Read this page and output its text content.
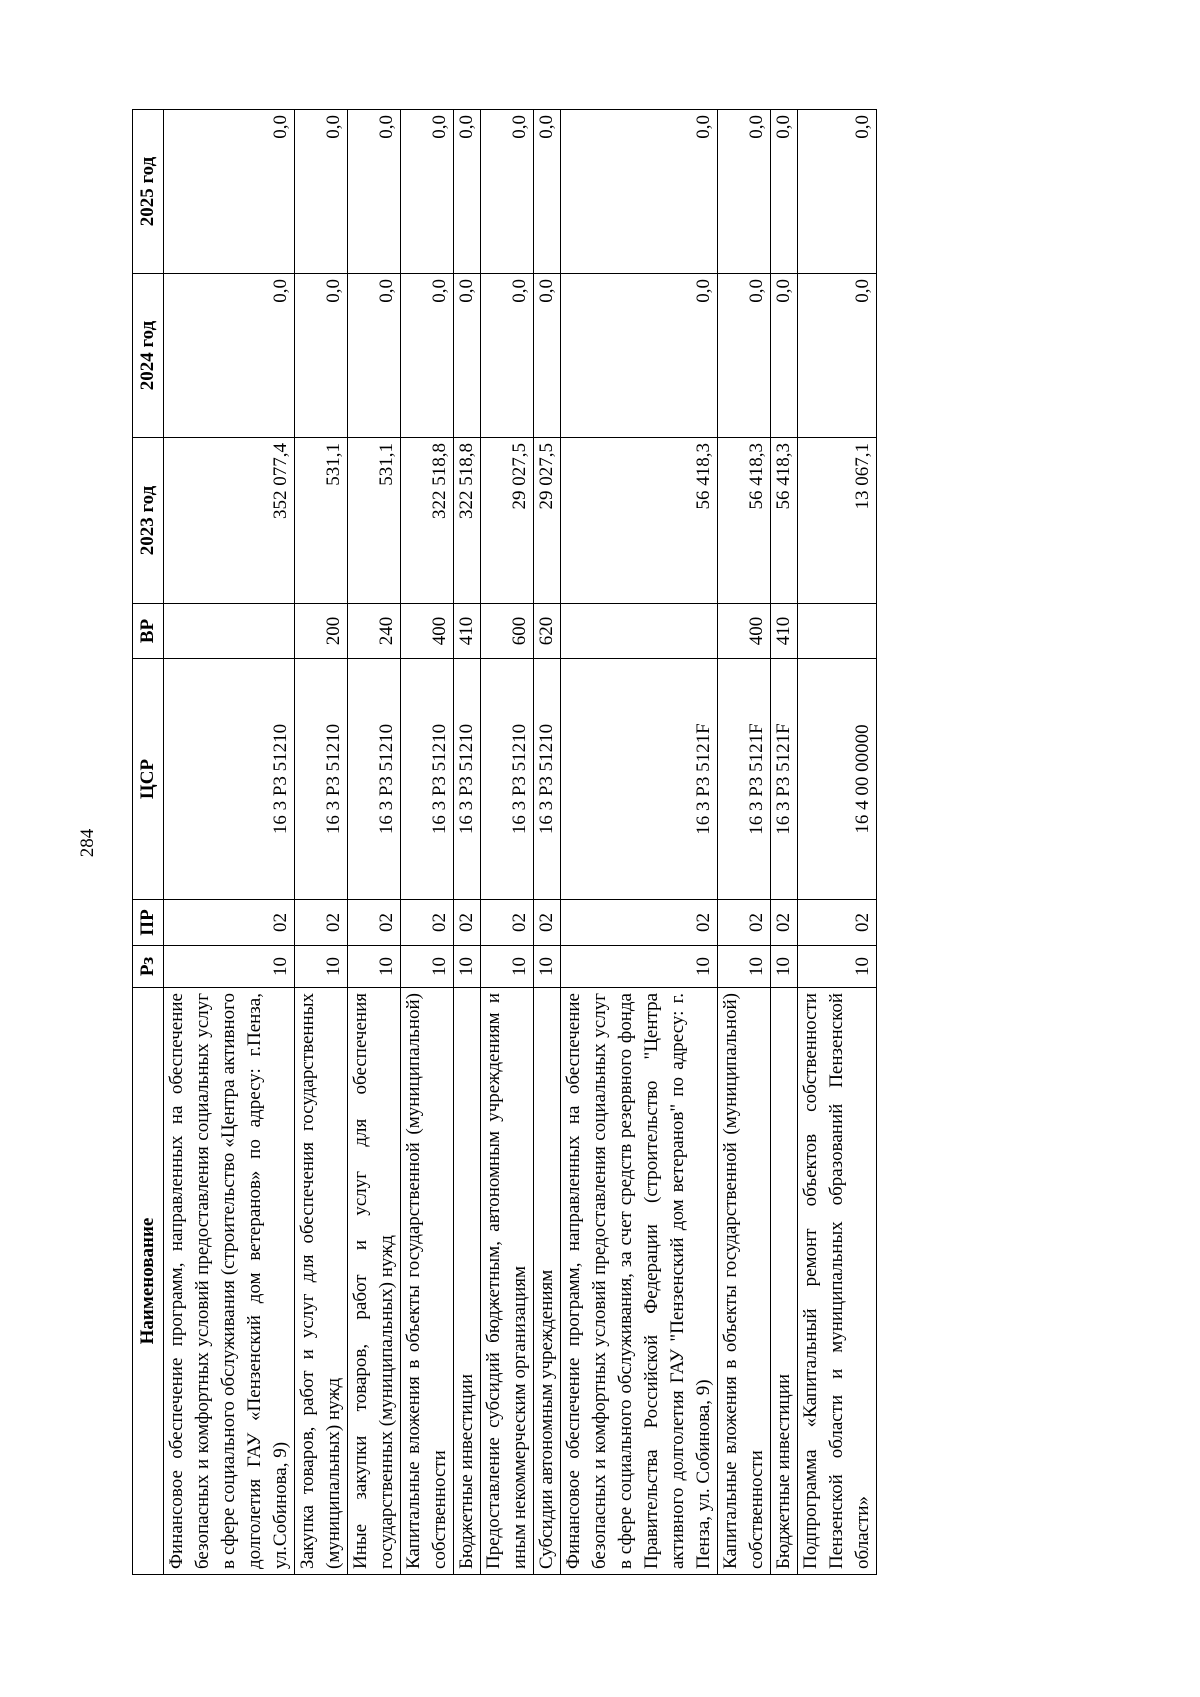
284
Наименование	Рз	ПР	ЦСР	ВР	2023 год	2024 год	2025 год
Финансовое обеспечение программ, направленных на обеспечение безопасных и комфортных условий предоставления социальных услуг в сфере социального обслуживания (строительство «Центра активного долголетия ГАУ «Пензенский дом ветеранов» по адресу: г.Пенза, ул.Собинова, 9)	10	02	16 3 Р3 51210		352 077,4	0,0	0,0
Закупка товаров, работ и услуг для обеспечения государственных (муниципальных) нужд	10	02	16 3 Р3 51210	200	531,1	0,0	0,0
Иные закупки товаров, работ и услуг для обеспечения государственных (муниципальных) нужд	10	02	16 3 Р3 51210	240	531,1	0,0	0,0
Капитальные вложения в объекты государственной (муниципальной) собственности	10	02	16 3 Р3 51210	400	322 518,8	0,0	0,0
Бюджетные инвестиции	10	02	16 3 Р3 51210	410	322 518,8	0,0	0,0
Предоставление субсидий бюджетным, автономным учреждениям и иным некоммерческим организациям	10	02	16 3 Р3 51210	600	29 027,5	0,0	0,0
Субсидии автономным учреждениям	10	02	16 3 Р3 51210	620	29 027,5	0,0	0,0
Финансовое обеспечение программ, направленных на обеспечение безопасных и комфортных условий предоставления социальных услуг в сфере социального обслуживания, за счет средств резервного фонда Правительства Российской Федерации (строительство "Центра активного долголетия ГАУ "Пензенский дом ветеранов" по адресу: г. Пенза, ул. Собинова, 9)	10	02	16 3 Р3 5121F		56 418,3	0,0	0,0
Капитальные вложения в объекты государственной (муниципальной) собственности	10	02	16 3 Р3 5121F	400	56 418,3	0,0	0,0
Бюджетные инвестиции	10	02	16 3 Р3 5121F	410	56 418,3	0,0	0,0
Подпрограмма «Капитальный ремонт объектов собственности Пензенской области и муниципальных образований Пензенской области»	10	02	16 4 00 00000		13 067,1	0,0	0,0
